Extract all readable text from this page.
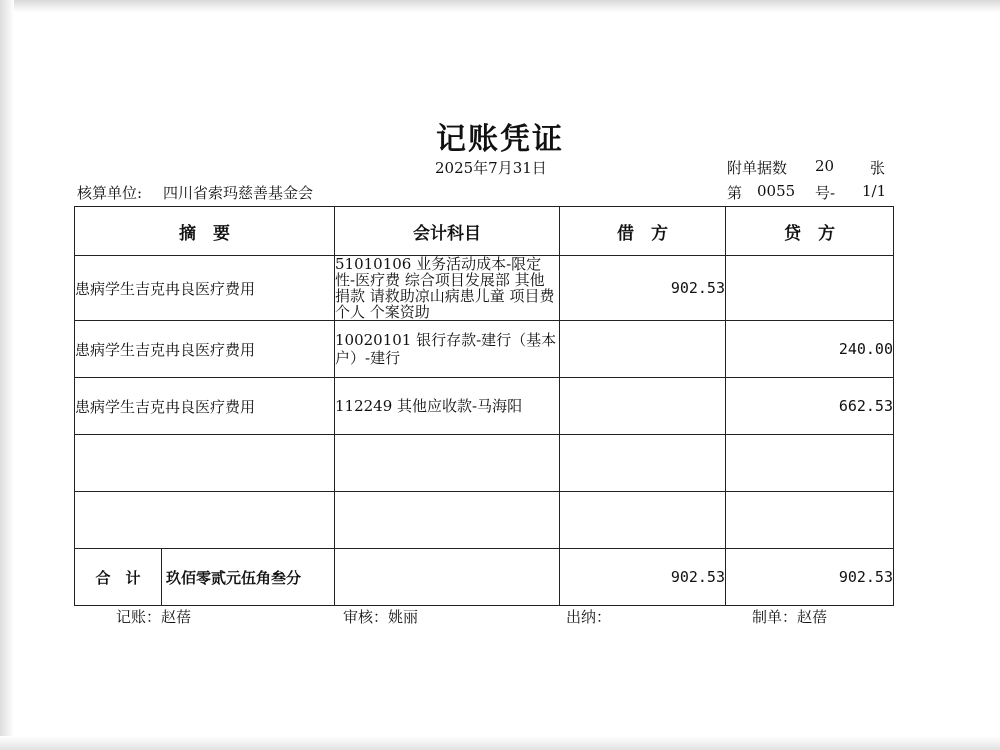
记账凭证
2025年7月31日	附单据数 20 张
核算单位: 四川省索玛慈善基金会	第 0055 号- 1/1
摘　要	会计科目	借　方	贷　方
患病学生吉克冉良医疗费用	51010106 业务活动成本-限定性-医疗费 综合项目发展部 其他捐款 请救助凉山病患儿童 项目费 个人 个案资助	902.53	
患病学生吉克冉良医疗费用	10020101 银行存款-建行（基本户）-建行		240.00
患病学生吉克冉良医疗费用	112249 其他应收款-马海阳		662.53

合　计 玖佰零贰元伍角叁分		902.53	902.53
记账：赵蓓	审核：姚丽	出纳：	制单：赵蓓
